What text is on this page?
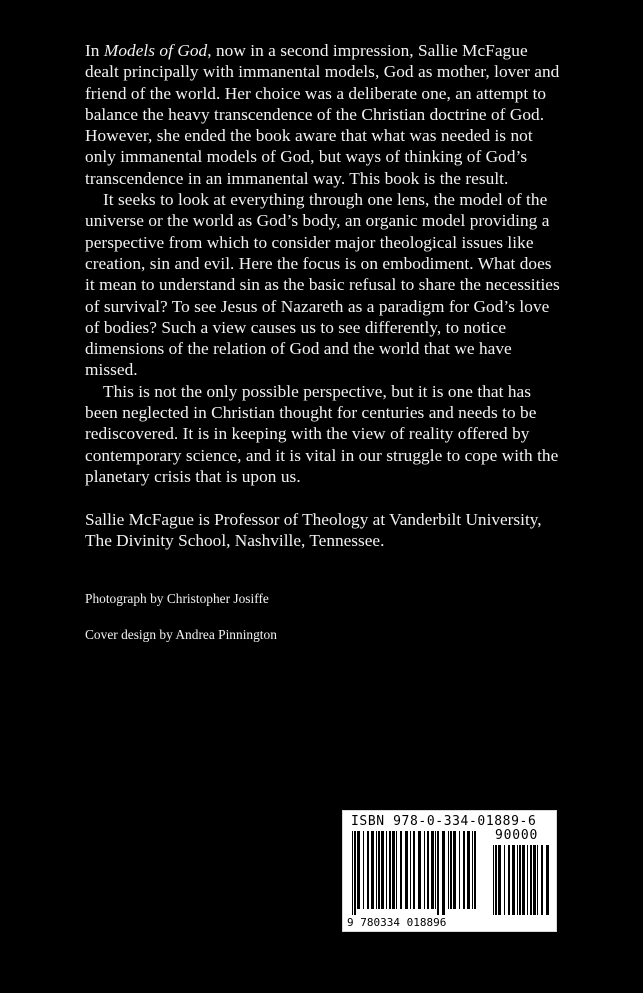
In Models of God, now in a second impression, Sallie McFague dealt principally with immanental models, God as mother, lover and friend of the world. Her choice was a deliberate one, an attempt to balance the heavy transcendence of the Christian doctrine of God. However, she ended the book aware that what was needed is not only immanental models of God, but ways of thinking of God’s transcendence in an immanental way. This book is the result.

It seeks to look at everything through one lens, the model of the universe or the world as God’s body, an organic model providing a perspective from which to consider major theological issues like creation, sin and evil. Here the focus is on embodiment. What does it mean to understand sin as the basic refusal to share the necessities of survival? To see Jesus of Nazareth as a paradigm for God’s love of bodies? Such a view causes us to see differently, to notice dimensions of the relation of God and the world that we have missed.

This is not the only possible perspective, but it is one that has been neglected in Christian thought for centuries and needs to be rediscovered. It is in keeping with the view of reality offered by contemporary science, and it is vital in our struggle to cope with the planetary crisis that is upon us.

Sallie McFague is Professor of Theology at Vanderbilt University,
The Divinity School, Nashville, Tennessee.

Photograph by Christopher Josiffe

Cover design by Andrea Pinnington

ISBN 978-0-334-01889-6
90000
9 780334 018896
